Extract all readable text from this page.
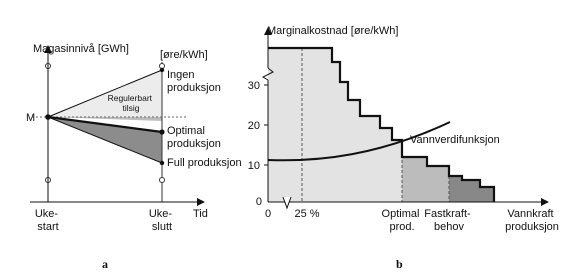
Magasinnivå [GWh]	[øre/kWh]
M
Tid
Uke- start
Uke- slutt
Ingen produksjon
Regulerbart tilsig
Optimal produksjon
Full produksjon
a
10
20
30
0
Marginalkostnad [øre/kWh]
0 25 %
Vannverdifunksjon
Optimal prod.
Fastkraft- behov
Vannkraft produksjon
b
